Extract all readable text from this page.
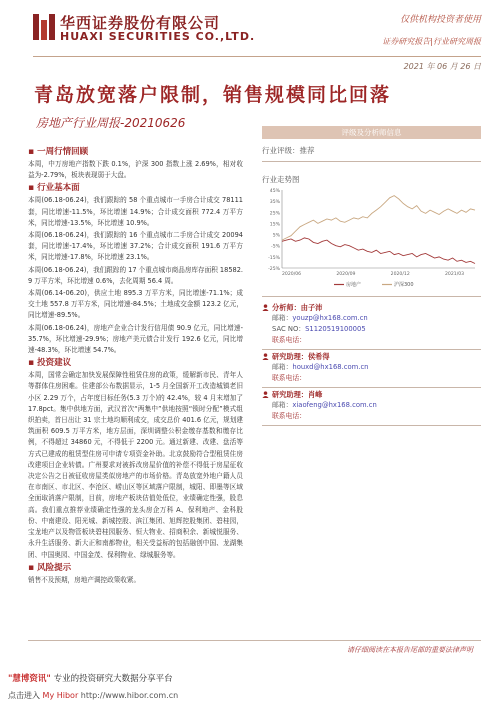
华西证券股份有限公司
HUAXI SECURITIES CO.,LTD.
仅供机构投资者使用
证券研究报告|行业研究周报
2021 年 06 月 26 日
青岛放宽落户限制，销售规模同比回落
房地产行业周报-20210626
▪ 一周行情回顾

本周，中万房地产指数下跌 0.1%，沪深 300 指数上涨 2.69%，相对收益为-2.79%，板块表现弱于大盘。

▪ 行业基本面

本周(06.18-06.24)，我们跟踪的 58 个重点城市一手房合计成交 78111 套，同比增速-11.5%，环比增速 14.9%；合计成交面积 772.4 万平方米，同比增速-13.5%，环比增速 10.9%。

本周(06.18-06.24)，我们跟踪的 16 个重点城市二手房合计成交 20094 套，同比增速-17.4%，环比增速 37.2%；合计成交面积 191.6 万平方米，同比增速-17.8%，环比增速 23.1%。

本周(06.18-06.24)，我们跟踪的 17 个重点城市商品房库存面积 18582.9 万平方米，环比增速 0.6%，去化周期 56.4 周。

本周(06.14-06.20)，供应土地 895.3 万平方米，同比增速-71.1%；成交土地 557.8 万平方米，同比增速-84.5%；土地成交金额 123.2 亿元，同比增速-89.5%。

本周(06.18-06.24)，房地产企业合计发行信用债 90.9 亿元，同比增速-35.7%，环比增速-29.9%；房地产美元债合计发行 192.6 亿元，同比增速-48.3%，环比增速 54.7%。

▪ 投资建议

本周，国常会确定加快发展保障性租赁住房的政策，缓解新市民、青年人等群体住房困难。住建部公布数据显示，1-5 月全国新开工改造城镇老旧小区 2.29 万个，占年度目标任务(5.3 万个)的 42.4%，较 4 月末增加了 17.8pct。集中供地方面，武汉首次“两集中”供地按照“锁时分配”模式组织拍卖，首日出让 31 宗土地均顺利成交，成交总价 401.6 亿元，规划建筑面积 609.5 万平方米，地方层面，深圳调整公积金缴存基数和缴存比例，不得超过 34860 元，不得低于 2200 元。通过新建、改建、盘活等方式已建成的租赁型住房可申请专项资金补助。北京鼓励符合型租赁住房改建项目企业转债。广州要求对被拆改房屋价值的补偿不得低于房屋征收决定公告之日被征收房屋类似房地产的市场价格。青岛放宽外地户籍人员在市南区、市北区、李沧区、崂山区等区域落户限制，城阳、即墨等区域全面取消落户限制，目前，房地产板块估值处低位，业绩确定性强，股息高。我们重点推荐业绩确定性强的龙头房企万科 A、保利地产、金科股份、中南建设、阳光城、新城控股、滨江集团、旭辉控股集团、碧桂园，宝龙地产以及物管板块碧桂园服务、恒大物业、招商积余、新城悦服务、永升生活服务、新大正和南都物业，相关受益标的包括融创中国、龙湖集团、中国奥园、中国金茂、保利物业、绿城服务等。

▪ 风险提示

销售不及预期，房地产调控政策收紧。

评级及分析师信息
行业评级：推荐
行业走势图
-25%
-15%
-5%
5%
15%
25%
35%
45%
2020/06	2020/09	2020/12	2021/03
房地产	沪深300
分析师：由子沛
邮箱：youzp@hx168.com.cn
SAC NO：S1120519100005
联系电话：
研究助理：侯希得
邮箱：houxd@hx168.com.cn
联系电话：
研究助理：肖峰
邮箱：xiaofeng@hx168.com.cn
联系电话：
请仔细阅读在本报告尾部的重要法律声明
"慧博资讯" 专业的投资研究大数据分享平台
点击进入 My Hibor http://www.hibor.com.cn
